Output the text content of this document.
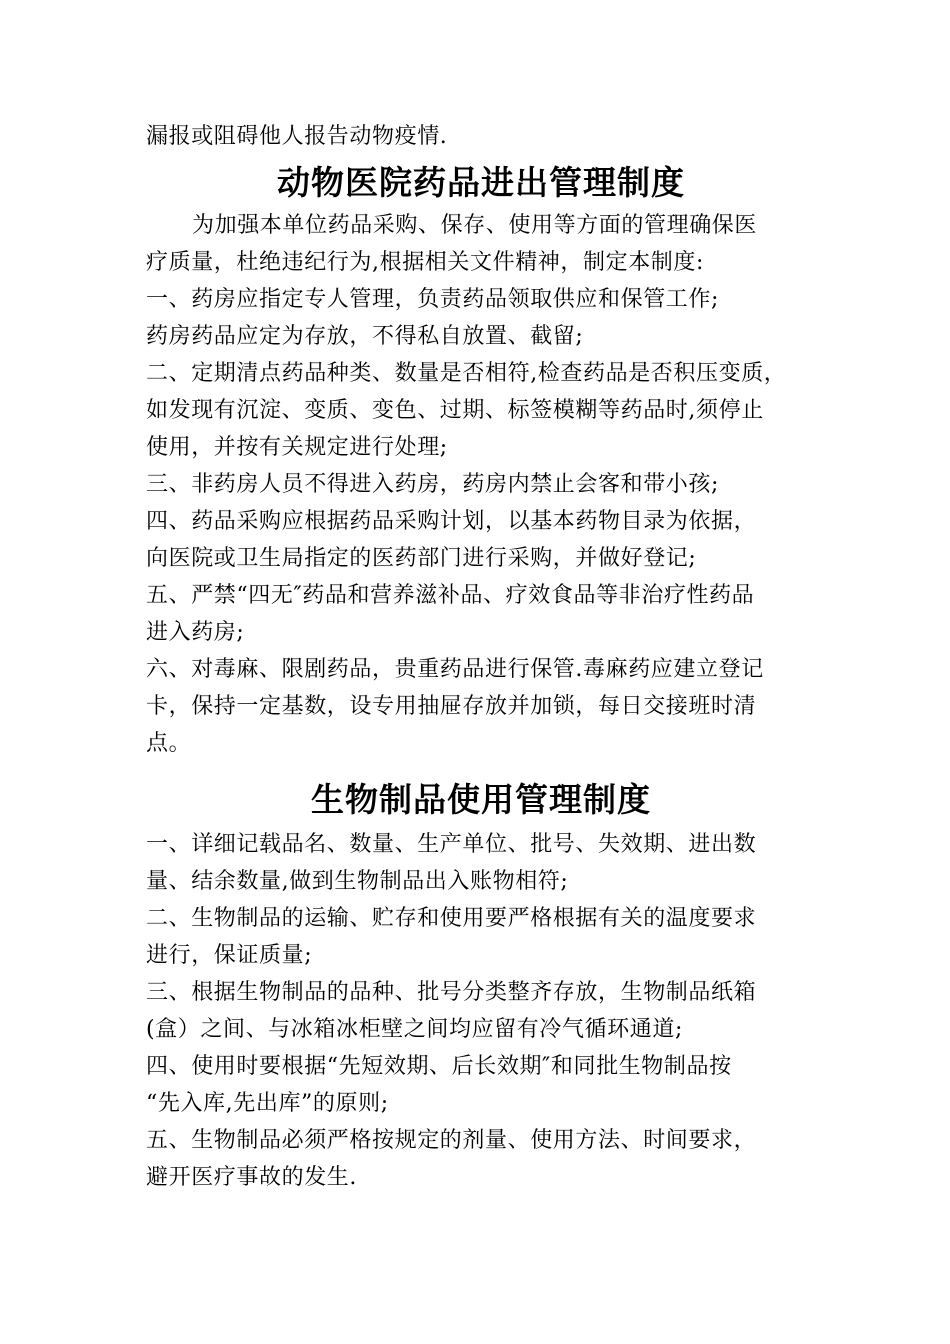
漏报或阻碍他人报告动物疫情.

动物医院药品进出管理制度

为加强本单位药品采购、保存、使用等方面的管理确保医

疗质量，杜绝违纪行为,根据相关文件精神，制定本制度:

一、药房应指定专人管理，负责药品领取供应和保管工作;

药房药品应定为存放，不得私自放置、截留;

二、定期清点药品种类、数量是否相符,检查药品是否积压变质，

如发现有沉淀、变质、变色、过期、标签模糊等药品时,须停止

使用，并按有关规定进行处理;

三、非药房人员不得进入药房，药房内禁止会客和带小孩;

四、药品采购应根据药品采购计划，以基本药物目录为依据，

向医院或卫生局指定的医药部门进行采购，并做好登记;

五、严禁“四无″药品和营养滋补品、疗效食品等非治疗性药品

进入药房;

六、对毒麻、限剧药品，贵重药品进行保管.毒麻药应建立登记

卡，保持一定基数，设专用抽屉存放并加锁，每日交接班时清

点。

生物制品使用管理制度

一、详细记载品名、数量、生产单位、批号、失效期、进出数

量、结余数量,做到生物制品出入账物相符;

二、生物制品的运输、贮存和使用要严格根据有关的温度要求

进行，保证质量;

三、根据生物制品的品种、批号分类整齐存放，生物制品纸箱

(盒）之间、与冰箱冰柜壁之间均应留有冷气循环通道;

四、使用时要根据“先短效期、后长效期″和同批生物制品按

“先入库,先出库”的原则;

五、生物制品必须严格按规定的剂量、使用方法、时间要求，

避开医疗事故的发生.
